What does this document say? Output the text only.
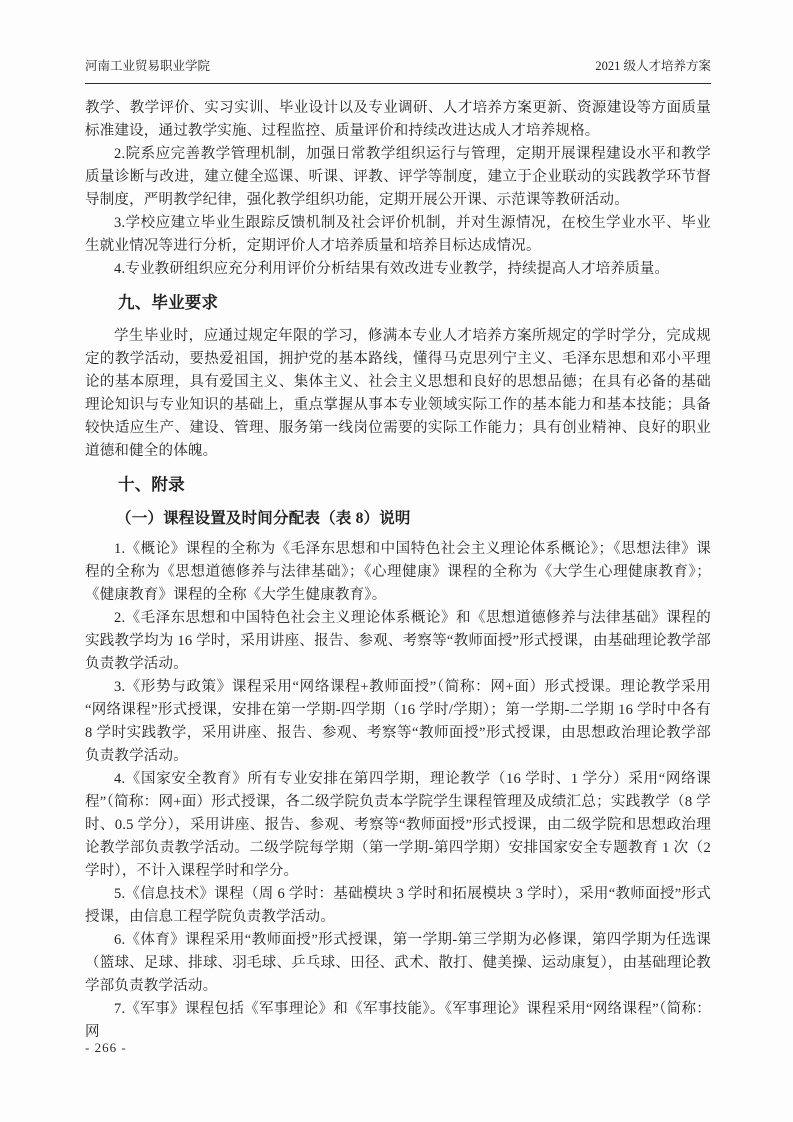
河南工业贸易职业学院	2021 级人才培养方案

教学、教学评价、实习实训、毕业设计以及专业调研、人才培养方案更新、资源建设等方面质量标准建设，通过教学实施、过程监控、质量评价和持续改进达成人才培养规格。

2.院系应完善教学管理机制，加强日常教学组织运行与管理，定期开展课程建设水平和教学质量诊断与改进，建立健全巡课、听课、评教、评学等制度，建立于企业联动的实践教学环节督导制度，严明教学纪律，强化教学组织功能，定期开展公开课、示范课等教研活动。

3.学校应建立毕业生跟踪反馈机制及社会评价机制，并对生源情况，在校生学业水平、毕业生就业情况等进行分析，定期评价人才培养质量和培养目标达成情况。

4.专业教研组织应充分利用评价分析结果有效改进专业教学，持续提高人才培养质量。

九、毕业要求

学生毕业时，应通过规定年限的学习，修满本专业人才培养方案所规定的学时学分，完成规定的教学活动，要热爱祖国，拥护党的基本路线，懂得马克思列宁主义、毛泽东思想和邓小平理论的基本原理，具有爱国主义、集体主义、社会主义思想和良好的思想品德；在具有必备的基础理论知识与专业知识的基础上，重点掌握从事本专业领域实际工作的基本能力和基本技能；具备较快适应生产、建设、管理、服务第一线岗位需要的实际工作能力；具有创业精神、良好的职业道德和健全的体魄。

十、附录
（一）课程设置及时间分配表（表 8）说明

1.《概论》课程的全称为《毛泽东思想和中国特色社会主义理论体系概论》；《思想法律》课程的全称为《思想道德修养与法律基础》；《心理健康》课程的全称为《大学生心理健康教育》；《健康教育》课程的全称《大学生健康教育》。

2.《毛泽东思想和中国特色社会主义理论体系概论》和《思想道德修养与法律基础》课程的实践教学均为 16 学时，采用讲座、报告、参观、考察等“教师面授”形式授课，由基础理论教学部负责教学活动。

3.《形势与政策》课程采用“网络课程+教师面授”（简称：网+面）形式授课。理论教学采用“网络课程”形式授课，安排在第一学期-四学期（16 学时/学期）；第一学期-二学期 16 学时中各有 8 学时实践教学，采用讲座、报告、参观、考察等“教师面授”形式授课，由思想政治理论教学部负责教学活动。

4.《国家安全教育》所有专业安排在第四学期，理论教学（16 学时、1 学分）采用“网络课程”（简称：网+面）形式授课，各二级学院负责本学院学生课程管理及成绩汇总；实践教学（8 学时、0.5 学分），采用讲座、报告、参观、考察等“教师面授”形式授课，由二级学院和思想政治理论教学部负责教学活动。二级学院每学期（第一学期-第四学期）安排国家安全专题教育 1 次（2 学时），不计入课程学时和学分。

5.《信息技术》课程（周 6 学时：基础模块 3 学时和拓展模块 3 学时），采用“教师面授”形式授课，由信息工程学院负责教学活动。

6.《体育》课程采用“教师面授”形式授课，第一学期-第三学期为必修课，第四学期为任选课（篮球、足球、排球、羽毛球、乒乓球、田径、武术、散打、健美操、运动康复），由基础理论教学部负责教学活动。

7.《军事》课程包括《军事理论》和《军事技能》。《军事理论》课程采用“网络课程”（简称：网

- 266 -
